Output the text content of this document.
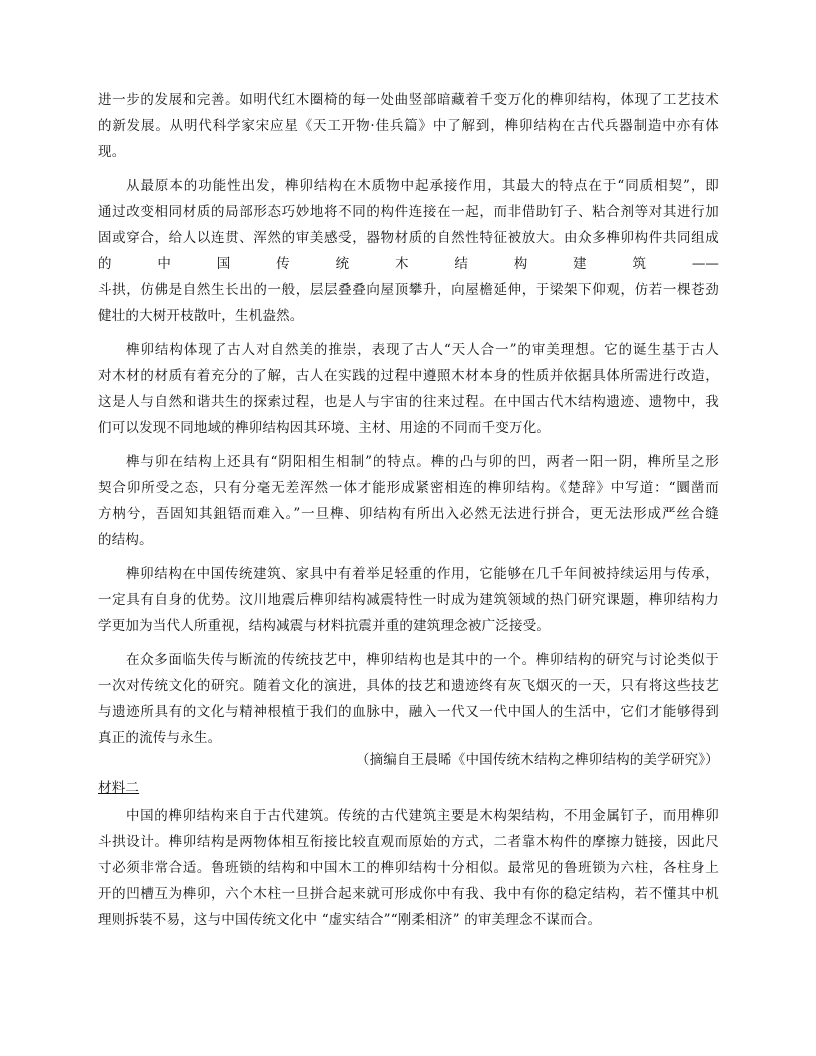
进一步的发展和完善。如明代红木圈椅的每一处曲竖部暗藏着千变万化的榫卯结构，体现了工艺技术
的新发展。从明代科学家宋应星《天工开物·佳兵篇》中了解到，榫卯结构在古代兵器制造中亦有体
现。
从最原本的功能性出发，榫卯结构在木质物中起承接作用，其最大的特点在于“同质相契”，即
通过改变相同材质的局部形态巧妙地将不同的构件连接在一起，而非借助钉子、粘合剂等对其进行加
固或穿合，给人以连贯、浑然的审美感受，器物材质的自然性特征被放大。由众多榫卯构件共同组成
的	中	国	传	统	木	结	构	建	筑	——
斗拱，仿佛是自然生长出的一般，层层叠叠向屋顶攀升，向屋檐延伸，于梁架下仰观，仿若一棵苍劲
健壮的大树开枝散叶，生机盎然。
榫卯结构体现了古人对自然美的推崇，表现了古人“天人合一”的审美理想。它的诞生基于古人
对木材的材质有着充分的了解，古人在实践的过程中遵照木材本身的性质并依据具体所需进行改造，
这是人与自然和谐共生的探索过程，也是人与宇宙的往来过程。在中国古代木结构遗迹、遗物中，我
们可以发现不同地域的榫卯结构因其环境、主材、用途的不同而千变万化。
榫与卯在结构上还具有“阴阳相生相制”的特点。榫的凸与卯的凹，两者一阳一阴，榫所呈之形
契合卯所受之态，只有分毫无差浑然一体才能形成紧密相连的榫卯结构。《楚辞》中写道：“圜凿而
方枘兮，吾固知其鉏铻而难入。”一旦榫、卯结构有所出入必然无法进行拼合，更无法形成严丝合缝
的结构。
榫卯结构在中国传统建筑、家具中有着举足轻重的作用，它能够在几千年间被持续运用与传承，
一定具有自身的优势。汶川地震后榫卯结构减震特性一时成为建筑领域的热门研究课题，榫卯结构力
学更加为当代人所重视，结构减震与材料抗震并重的建筑理念被广泛接受。
在众多面临失传与断流的传统技艺中，榫卯结构也是其中的一个。榫卯结构的研究与讨论类似于
一次对传统文化的研究。随着文化的演进，具体的技艺和遗迹终有灰飞烟灭的一天，只有将这些技艺
与遗迹所具有的文化与精神根植于我们的血脉中，融入一代又一代中国人的生活中，它们才能够得到
真正的流传与永生。
（摘编自王晨晞《中国传统木结构之榫卯结构的美学研究》）
材料二
中国的榫卯结构来自于古代建筑。传统的古代建筑主要是木构架结构，不用金属钉子，而用榫卯
斗拱设计。榫卯结构是两物体相互衔接比较直观而原始的方式，二者靠木构件的摩擦力链接，因此尺
寸必须非常合适。鲁班锁的结构和中国木工的榫卯结构十分相似。最常见的鲁班锁为六柱，各柱身上
开的凹槽互为榫卯，六个木柱一旦拼合起来就可形成你中有我、我中有你的稳定结构，若不懂其中机
理则拆装不易，这与中国传统文化中 “虚实结合”“刚柔相济” 的审美理念不谋而合。
